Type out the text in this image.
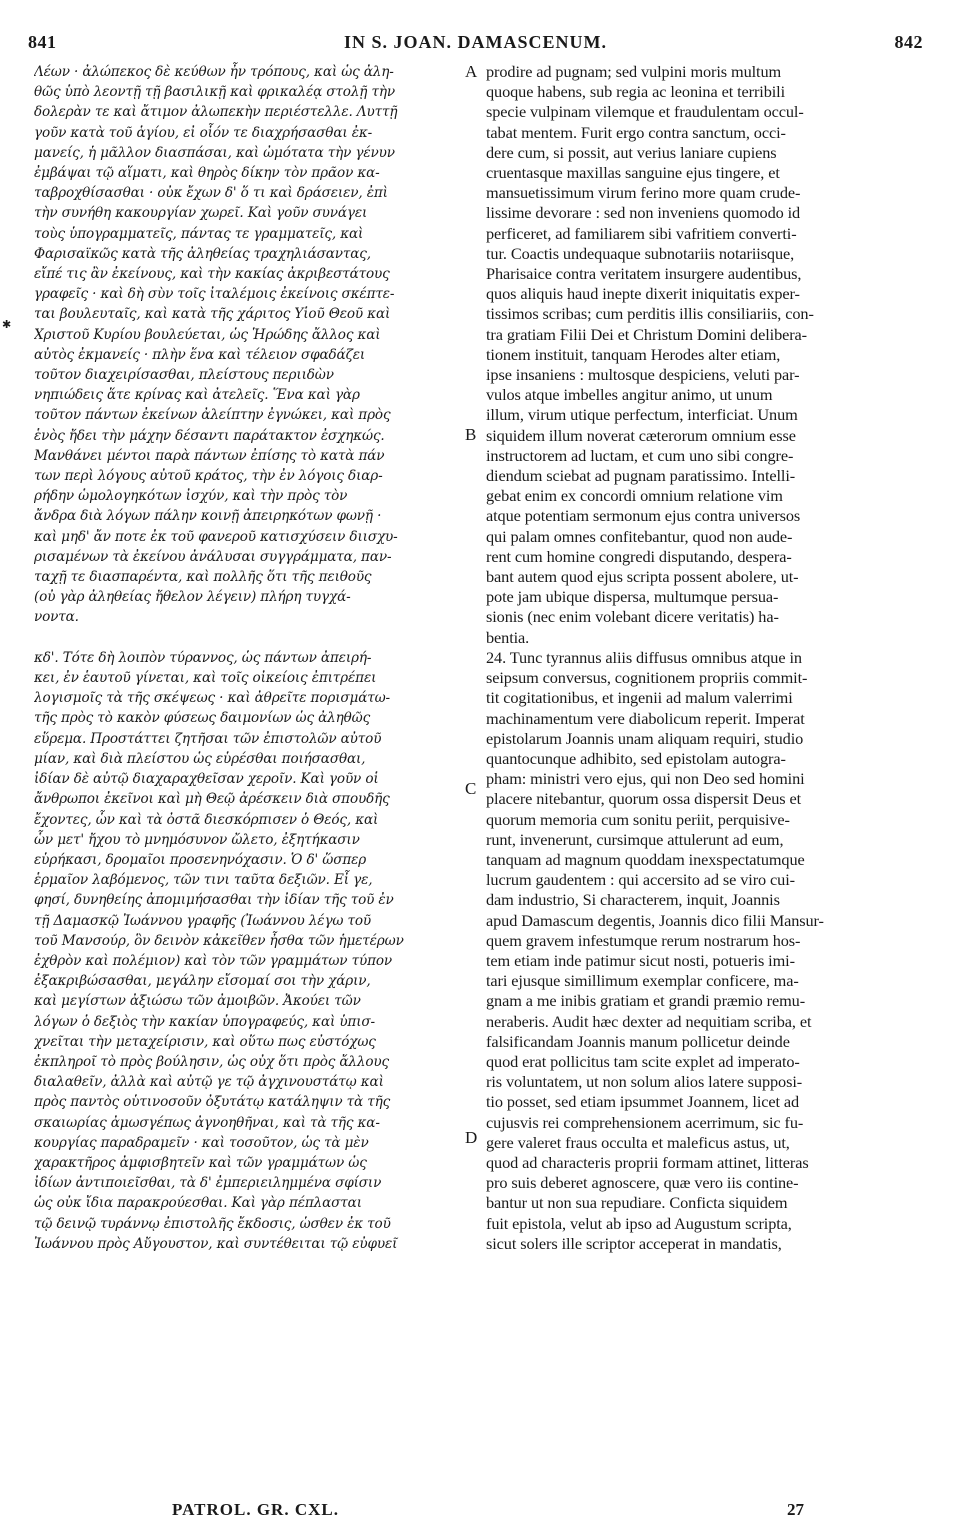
841	IN S. JOAN. DAMASCENUM.	842
✱
Λέων · ἀλώπεκος δὲ κεύθων ἦν τρόπους, καὶ ὡς ἀλη-
θῶς ὑπὸ λεοντῇ τῇ βασιλικῇ καὶ φρικαλέᾳ στολῇ τὴν
δολερὰν τε καὶ ἄτιμον ἀλωπεκὴν περιέστελλε. Λυττῇ
γοῦν κατὰ τοῦ ἁγίου, εἰ οἷόν τε διαχρήσασθαι ἐκ-
μανείς, ἡ μᾶλλον διασπάσαι, καὶ ὠμότατα τὴν γένυν
ἐμβάψαι τῷ αἵματι, καὶ θηρὸς δίκην τὸν πρᾶον κα-
ταβροχθίσασθαι · οὐκ ἔχων δ' ὅ τι καὶ δράσειεν, ἐπὶ
τὴν συνήθη κακουργίαν χωρεῖ. Καὶ γοῦν συνάγει
τοὺς ὑπογραμματεῖς, πάντας τε γραμματεῖς, καὶ
Φαρισαϊκῶς κατὰ τῆς ἀληθείας τραχηλιάσαντας,
εἴπέ τις ἂν ἐκείνους, καὶ τὴν κακίας ἀκριβεστάτους
γραφεῖς · καὶ δὴ σὺν τοῖς ἰταλέμοις ἐκείνοις σκέπτε-
ται βουλευταῖς, καὶ κατὰ τῆς χάριτος Υἱοῦ Θεοῦ καὶ
Χριστοῦ Κυρίου βουλεύεται, ὡς Ἡρώδης ἄλλος καὶ
αὐτὸς ἐκμανείς · πλὴν ἕνα καὶ τέλειον σφαδάζει
τοῦτον διαχειρίσασθαι, πλείστους περιιδὼν
νηπιώδεις ἅτε κρίνας καὶ ἀτελεῖς. Ἕνα καὶ γὰρ
τοῦτον πάντων ἐκείνων ἀλείπτην ἐγνώκει, καὶ πρὸς
ἑνὸς ἤδει τὴν μάχην δέσαντι παράτακτον ἐσχηκώς.
Μανθάνει μέντοι παρὰ πάντων ἐπίσης τὸ κατὰ πάν
των περὶ λόγους αὐτοῦ κράτος, τὴν ἐν λόγοις διαρ-
ρήδην ὡμολογηκότων ἰσχύν, καὶ τὴν πρὸς τὸν
ἄνδρα διὰ λόγων πάλην κοινῇ ἀπειρηκότων φωνῇ ·
καὶ μηδ' ἄν ποτε ἐκ τοῦ φανεροῦ κατισχύσειν διισχυ-
ρισαμένων τὰ ἐκείνου ἀνάλυσαι συγγράμματα, παν-
ταχῇ τε διασπαρέντα, καὶ πολλῆς ὅτι τῆς πειθοῦς
(οὐ γὰρ ἀληθείας ἤθελον λέγειν) πλήρη τυγχά-
νοντα.
κδ'. Τότε δὴ λοιπὸν τύραννος, ὡς πάντων ἀπειρή-
κει, ἐν ἑαυτοῦ γίνεται, καὶ τοῖς οἰκείοις ἐπιτρέπει
λογισμοῖς τὰ τῆς σκέψεως · καὶ ἀθρεῖτε πορισμάτω-
τῆς πρὸς τὸ κακὸν φύσεως δαιμονίων ὡς ἀληθῶς
εὕρεμα. Προστάττει ζητῆσαι τῶν ἐπιστολῶν αὐτοῦ
μίαν, καὶ διὰ πλείστου ὡς εὑρέσθαι ποιήσασθαι,
ἰδίαν δὲ αὐτῷ διαχαραχθεῖσαν χεροῖν. Καὶ γοῦν οἱ
ἄνθρωποι ἐκεῖνοι καὶ μὴ Θεῷ ἀρέσκειν διὰ σπουδῆς
ἔχοντες, ὧν καὶ τὰ ὀστᾶ διεσκόρπισεν ὁ Θεός, καὶ
ὧν μετ' ἤχου τὸ μνημόσυνον ὤλετο, ἐξητήκασιν
εὑρήκασι, δρομαῖοι προσενηνόχασιν. Ὁ δ' ὥσπερ
ἑρμαῖον λαβόμενος, τῶν τινι ταῦτα δεξιῶν. Εἶ γε,
φησί, δυνηθείης ἀπομιμήσασθαι τὴν ἰδίαν τῆς τοῦ ἐν
τῇ Δαμασκῷ Ἰωάννου γραφῆς (Ἰωάννου λέγω τοῦ
τοῦ Μανσούρ, ὃν δεινὸν κἀκεῖθεν ἦσθα τῶν ἡμετέρων
ἐχθρὸν καὶ πολέμιον) καὶ τὸν τῶν γραμμάτων τύπον
ἐξακριβώσασθαι, μεγάλην εἴσομαί σοι τὴν χάριν,
καὶ μεγίστων ἀξιώσω τῶν ἀμοιβῶν. Ἀκούει τῶν
λόγων ὁ δεξιὸς τὴν κακίαν ὑπογραφεύς, καὶ ὑπισ-
χνεῖται τὴν μεταχείρισιν, καὶ οὕτω πως εὐστόχως
ἐκπληροῖ τὸ πρὸς βούλησιν, ὡς οὐχ ὅτι πρὸς ἄλλους
διαλαθεῖν, ἀλλὰ καὶ αὐτῷ γε τῷ ἀγχινουστάτῳ καὶ
πρὸς παντὸς οὑτινοσοῦν ὀξυτάτῳ κατάληψιν τὰ τῆς
σκαιωρίας ἀμωσγέπως ἀγνοηθῆναι, καὶ τὰ τῆς κα-
κουργίας παραδραμεῖν · καὶ τοσοῦτον, ὡς τὰ μὲν
χαρακτῆρος ἀμφισβητεῖν καὶ τῶν γραμμάτων ὡς
ἰδίων ἀντιποιεῖσθαι, τὰ δ' ἐμπεριειλημμένα σφίσιν
ὡς οὐκ ἴδια παρακρούεσθαι. Καὶ γὰρ πέπλασται
τῷ δεινῷ τυράννῳ ἐπιστολῆς ἔκδοσις, ὡσθεν ἐκ τοῦ
Ἰωάννου πρὸς Αὔγουστον, καὶ συντέθειται τῷ εὐφυεῖ
A
B
C
D
prodire ad pugnam; sed vulpini moris multum
quoque habens, sub regia ac leonina et terribili
specie vulpinam vilemque et fraudulentam occul-
tabat mentem. Furit ergo contra sanctum, occi-
dere cum, si possit, aut verius laniare cupiens
cruentasque maxillas sanguine ejus tingere, et
mansuetissimum virum ferino more quam crude-
lissime devorare : sed non inveniens quomodo id
perficeret, ad familiarem sibi vafritiem converti-
tur. Coactis undequaque subnotariis notariisque,
Pharisaice contra veritatem insurgere audentibus,
quos aliquis haud inepte dixerit iniquitatis exper-
tissimos scribas; cum perditis illis consiliariis, con-
tra gratiam Filii Dei et Christum Domini delibera-
tionem instituit, tanquam Herodes alter etiam,
ipse insaniens : multosque despiciens, veluti par-
vulos atque imbelles angitur animo, ut unum
illum, virum utique perfectum, interficiat. Unum
siquidem illum noverat cæterorum omnium esse
instructorem ad luctam, et cum uno sibi congre-
diendum sciebat ad pugnam paratissimo. Intelli-
gebat enim ex concordi omnium relatione vim
atque potentiam sermonum ejus contra universos
qui palam omnes confitebantur, quod non aude-
rent cum homine congredi disputando, despera-
bant autem quod ejus scripta possent abolere, ut-
pote jam ubique dispersa, multumque persua-
sionis (nec enim volebant dicere veritatis) ha-
bentia.
24. Tunc tyrannus aliis diffusus omnibus atque in
seipsum conversus, cognitionem propriis commit-
tit cogitationibus, et ingenii ad malum valerrimi
machinamentum vere diabolicum reperit. Imperat
epistolarum Joannis unam aliquam requiri, studio
quantocunque adhibito, sed epistolam autogra-
pham: ministri vero ejus, qui non Deo sed homini
placere nitebantur, quorum ossa dispersit Deus et
quorum memoria cum sonitu periit, perquisive-
runt, invenerunt, cursimque attulerunt ad eum,
tanquam ad magnum quoddam inexspectatumque
lucrum gaudentem : qui accersito ad se viro cui-
dam industrio, Si characterem, inquit, Joannis
apud Damascum degentis, Joannis dico filii Mansur-
quem gravem infestumque rerum nostrarum hos-
tem etiam inde patimur sicut nosti, potueris imi-
tari ejusque simillimum exemplar conficere, ma-
gnam a me inibis gratiam et grandi præmio remu-
neraberis. Audit hæc dexter ad nequitiam scriba, et
falsificandam Joannis manum pollicetur deinde
quod erat pollicitus tam scite explet ad imperato-
ris voluntatem, ut non solum alios latere supposi-
tio posset, sed etiam ipsummet Joannem, licet ad
cujusvis rei comprehensionem acerrimum, sic fu-
gere valeret fraus occulta et maleficus astus, ut,
quod ad characteris proprii formam attinet, litteras
pro suis deberet agnoscere, quæ vero iis contine-
bantur ut non sua repudiare. Conficta siquidem
fuit epistola, velut ab ipso ad Augustum scripta,
sicut solers ille scriptor acceperat in mandatis,
PATROL. GR. CXL.	27
